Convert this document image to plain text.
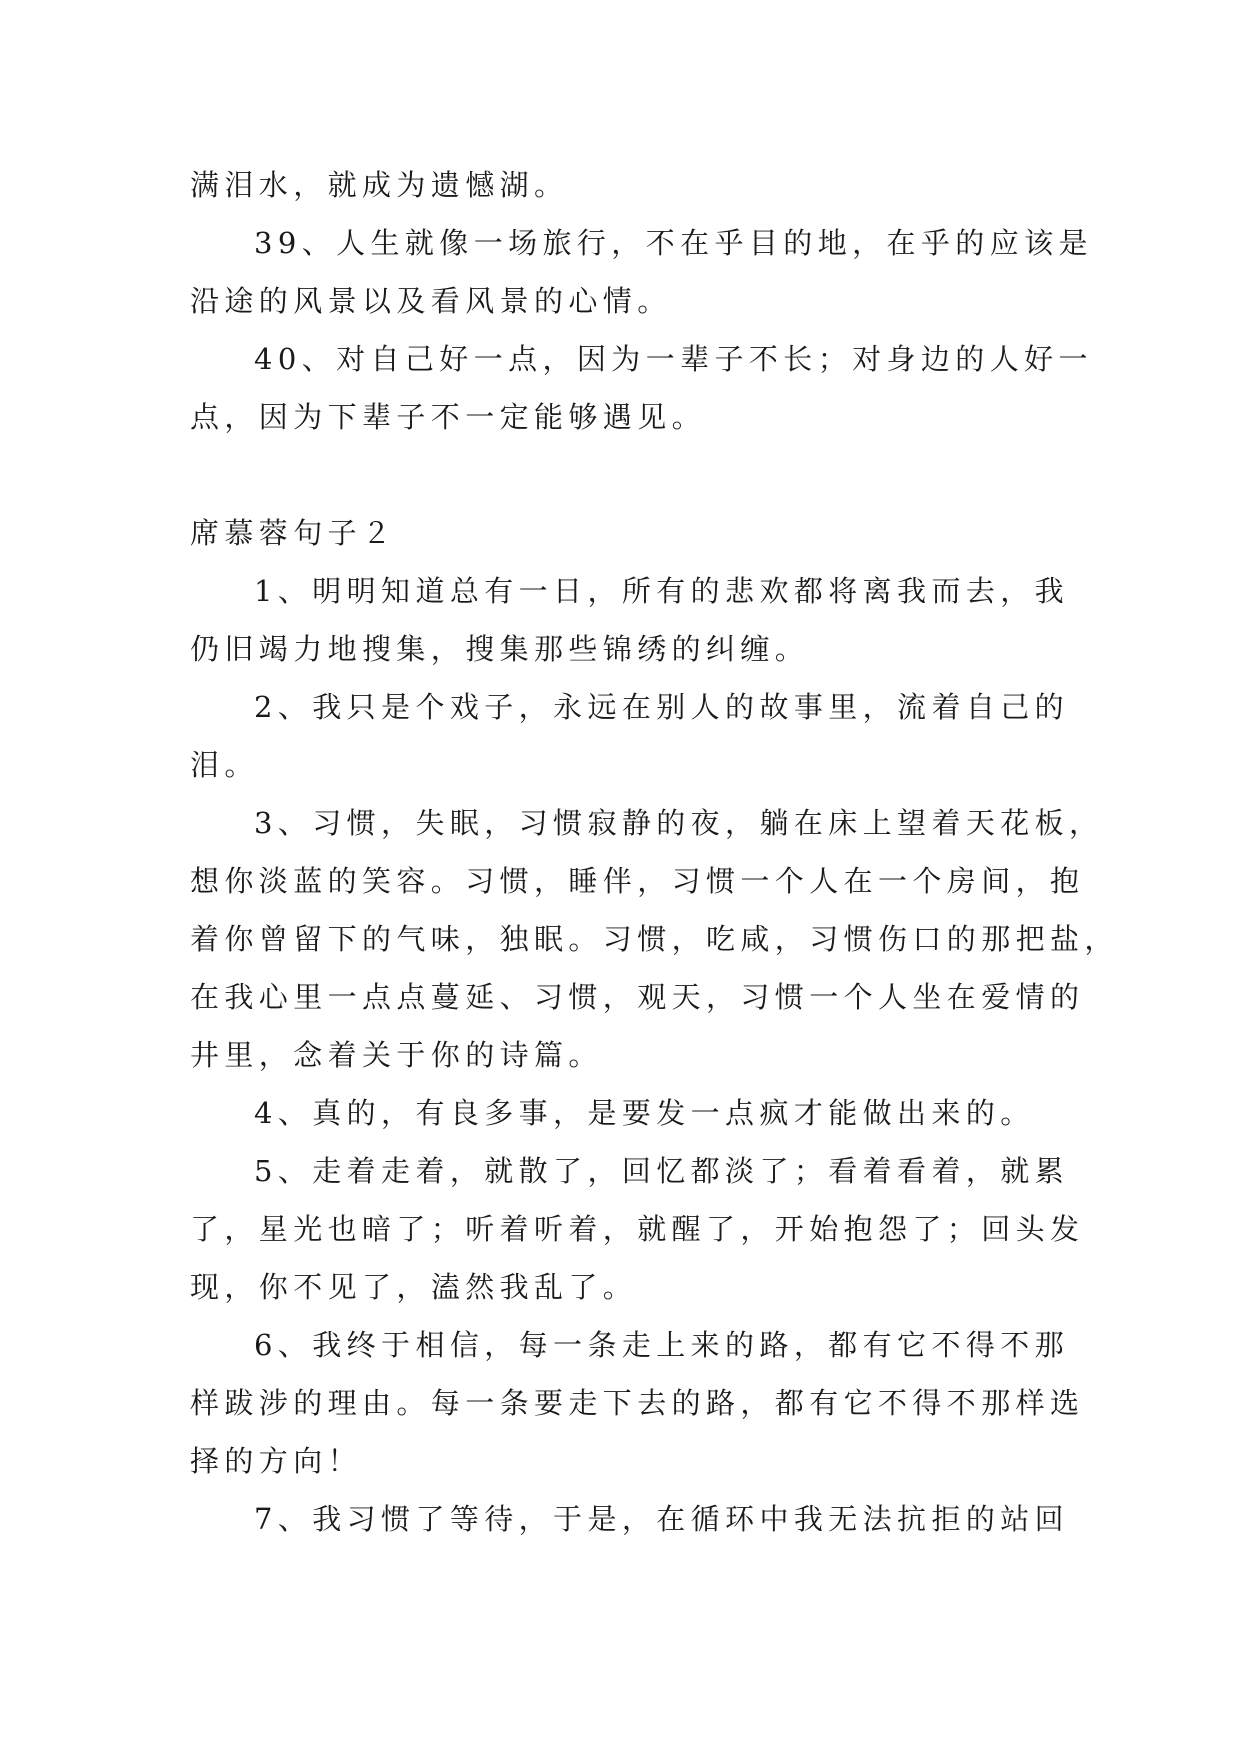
满泪水，就成为遗憾湖。
39、人生就像一场旅行，不在乎目的地，在乎的应该是
沿途的风景以及看风景的心情。
40、对自己好一点，因为一辈子不长；对身边的人好一
点，因为下辈子不一定能够遇见。
席慕蓉句子２
1、明明知道总有一日，所有的悲欢都将离我而去，我
仍旧竭力地搜集，搜集那些锦绣的纠缠。
2、我只是个戏子，永远在别人的故事里，流着自己的
泪。
3、习惯，失眠，习惯寂静的夜，躺在床上望着天花板，
想你淡蓝的笑容。习惯，睡伴，习惯一个人在一个房间，抱
着你曾留下的气味，独眠。习惯，吃咸，习惯伤口的那把盐，
在我心里一点点蔓延、习惯，观天，习惯一个人坐在爱情的
井里，念着关于你的诗篇。
4、真的，有良多事，是要发一点疯才能做出来的。
5、走着走着，就散了，回忆都淡了；看着看着，就累
了，星光也暗了；听着听着，就醒了，开始抱怨了；回头发
现，你不见了，溘然我乱了。
6、我终于相信，每一条走上来的路，都有它不得不那
样跋涉的理由。每一条要走下去的路，都有它不得不那样选
择的方向！
7、我习惯了等待，于是，在循环中我无法抗拒的站回
